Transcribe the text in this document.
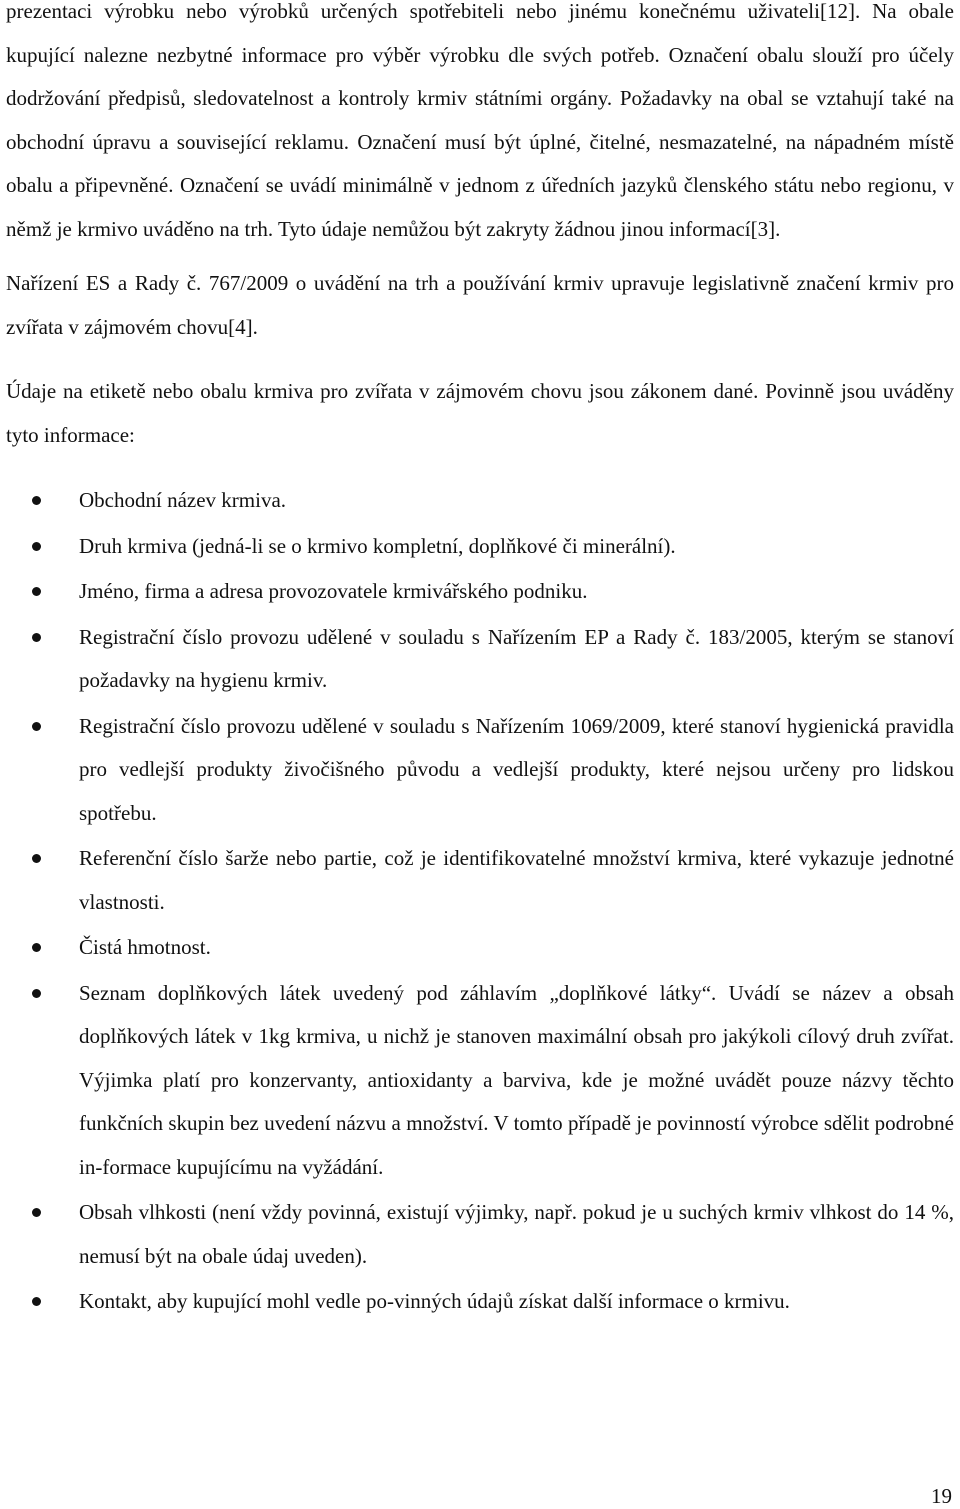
prezentaci výrobku nebo výrobků určených spotřebiteli nebo jinému konečnému uživateli[12]. Na obale kupující nalezne nezbytné informace pro výběr výrobku dle svých potřeb. Označení obalu slouží pro účely dodržování předpisů, sledovatelnost a kontroly krmiv státními orgány. Požadavky na obal se vztahují také na obchodní úpravu a související reklamu. Označení musí být úplné, čitelné, nesmazatelné, na nápadném místě obalu a připevněné. Označení se uvádí minimálně v jednom z úředních jazyků členského státu nebo regionu, v němž je krmivo uváděno na trh. Tyto údaje nemůžou být zakryty žádnou jinou informací[3].

Nařízení ES a Rady č. 767/2009 o uvádění na trh a používání krmiv upravuje legislativně značení krmiv pro zvířata v zájmovém chovu[4].

Údaje na etiketě nebo obalu krmiva pro zvířata v zájmovém chovu jsou zákonem dané. Povinně jsou uváděny tyto informace:

Obchodní název krmiva.
Druh krmiva (jedná-li se o krmivo kompletní, doplňkové či minerální).
Jméno, firma a adresa provozovatele krmivářského podniku.
Registrační číslo provozu udělené v souladu s Nařízením EP a Rady č. 183/2005, kterým se stanoví požadavky na hygienu krmiv.
Registrační číslo provozu udělené v souladu s Nařízením 1069/2009, které stanoví hygienická pravidla pro vedlejší produkty živočišného původu a vedlejší produkty, které nejsou určeny pro lidskou spotřebu.
Referenční číslo šarže nebo partie, což je identifikovatelné množství krmiva, které vykazuje jednotné vlastnosti.
Čistá hmotnost.
Seznam doplňkových látek uvedený pod záhlavím „doplňkové látky“. Uvádí se název a obsah doplňkových látek v 1kg krmiva, u nichž je stanoven maximální obsah pro jakýkoli cílový druh zvířat. Výjimka platí pro konzervanty, antioxidanty a barviva, kde je možné uvádět pouze názvy těchto funkčních skupin bez uvedení názvu a množství. V tomto případě je povinností výrobce sdělit podrobné in-formace kupujícímu na vyžádání.
Obsah vlhkosti (není vždy povinná, existují výjimky, např. pokud je u suchých krmiv vlhkost do 14 %, nemusí být na obale údaj uveden).
Kontakt, aby kupující mohl vedle po-vinných údajů získat další informace o krmivu.
19
